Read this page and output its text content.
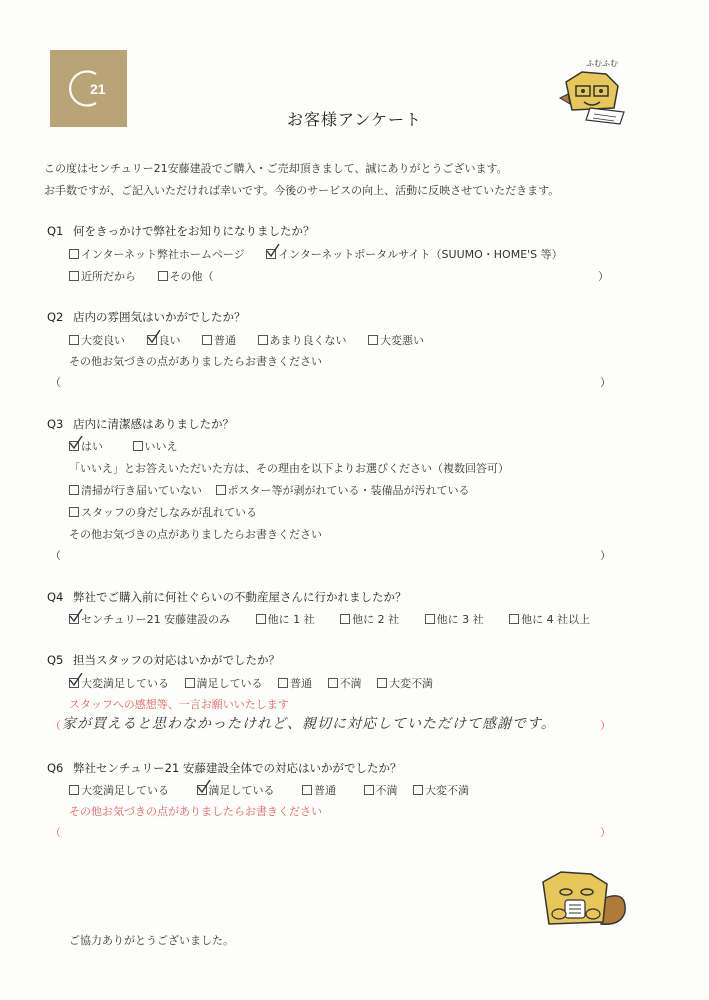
21
ふむふむ
お客様アンケート
この度はセンチュリー21安藤建設でご購入・ご売却頂きまして、誠にありがとうございます。
お手数ですが、ご記入いただければ幸いです。今後のサービスの向上、活動に反映させていただきます。
Q1 何をきっかけで弊社をお知りになりましたか？
インターネット弊社ホームページ	インターネットポータルサイト（SUUMO・HOME'S 等）
近所だから	その他（	）
Q2 店内の雰囲気はいかがでしたか？
大変良い	良い	普通	あまり良くない	大変悪い
その他お気づきの点がありましたらお書きください
（	）
Q3 店内に清潔感はありましたか？
はい	いいえ
「いいえ」とお答えいただいた方は、その理由を以下よりお選びください（複数回答可）
清掃が行き届いていない ポスター等が剥がれている・装備品が汚れている
スタッフの身だしなみが乱れている
その他お気づきの点がありましたらお書きください
（	）
Q4 弊社でご購入前に何社ぐらいの不動産屋さんに行かれましたか？
センチュリー21 安藤建設のみ	他に 1 社	他に 2 社	他に 3 社	他に 4 社以上
Q5 担当スタッフの対応はいかがでしたか？
大変満足している	満足している	普通	不満	大変不満
スタッフへの感想等、一言お願いいたします
（ 家が買えると思わなかったけれど、親切に対応していただけて感謝です。	）
Q6 弊社センチュリー21 安藤建設全体での対応はいかがでしたか？
大変満足している	満足している	普通	不満	大変不満
その他お気づきの点がありましたらお書きください
（	）
ご協力ありがとうございました。
